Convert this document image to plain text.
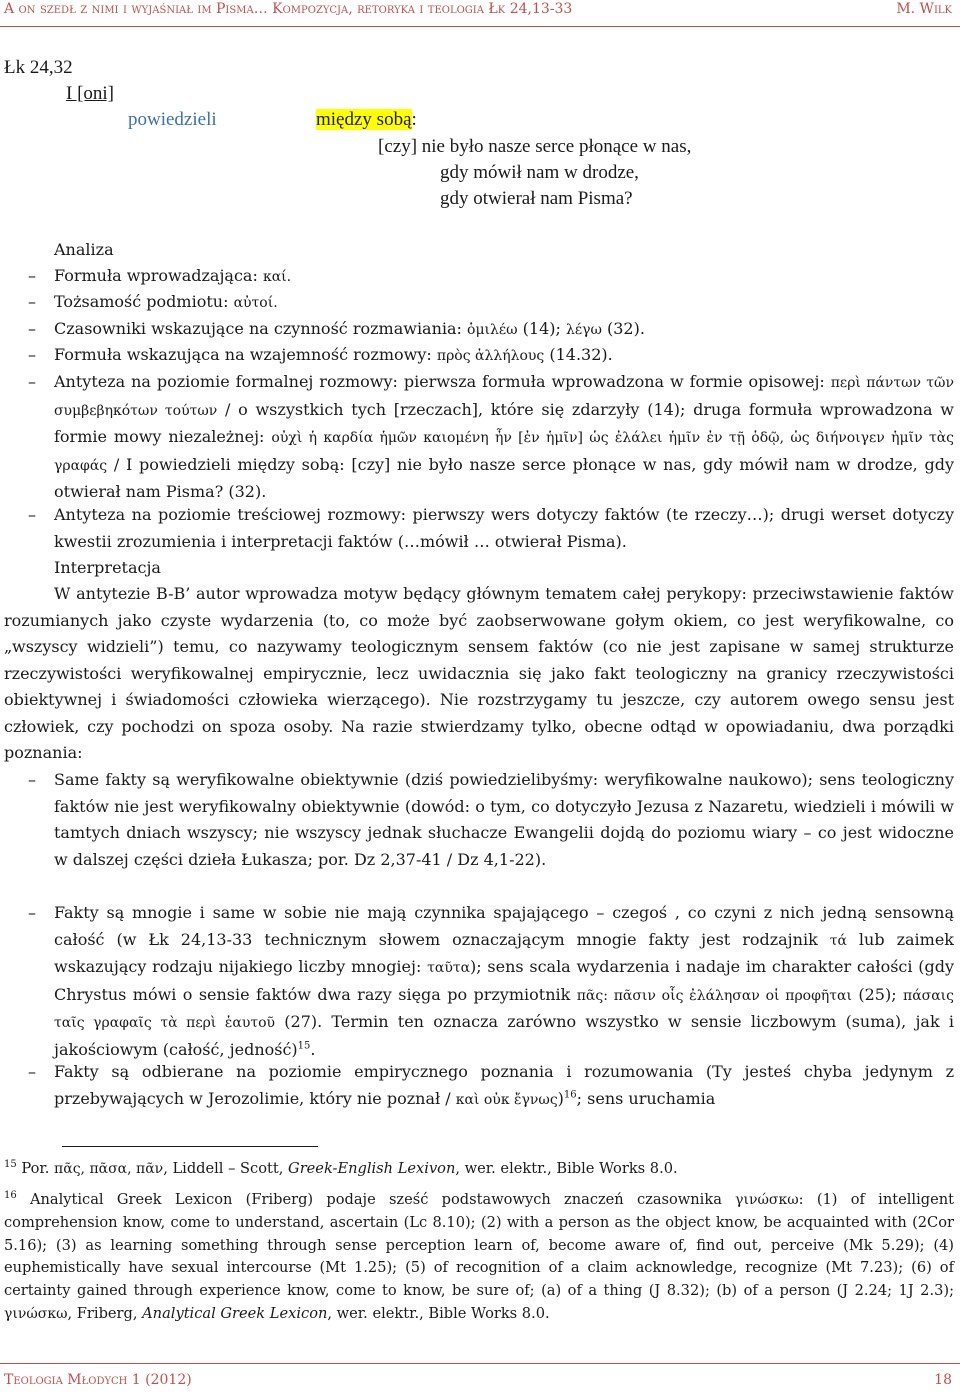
A on szedł z nimi i wyjaśniał im Pisma… Kompozycja, retoryka i teologia Łk 24,13-33	M. Wilk
Łk 24,32
I [oni]
powiedzieli	między sobą:
[czy] nie było nasze serce płonące w nas,
gdy mówił nam w drodze,
gdy otwierał nam Pisma?
Analiza
– Formuła wprowadzająca: καί.
– Tożsamość podmiotu: αὐτοί.
– Czasowniki wskazujące na czynność rozmawiania: ὁμιλέω (14); λέγω (32).
– Formuła wskazująca na wzajemność rozmowy: πρὸς ἀλλήλους (14.32).
– Antyteza na poziomie formalnej rozmowy: pierwsza formuła wprowadzona w formie opisowej: περὶ πάντων τῶν συμβεβηκότων τούτων / o wszystkich tych [rzeczach], które się zdarzyły (14); druga formuła wprowadzona w formie mowy niezależnej: οὐχὶ ἡ καρδία ἡμῶν καιομένη ἦν [ἐν ἡμῖν] ὡς ἐλάλει ἡμῖν ἐν τῇ ὁδῷ, ὡς διήνοιγεν ἡμῖν τὰς γραφάς / I powiedzieli między sobą: [czy] nie było nasze serce płonące w nas, gdy mówił nam w drodze, gdy otwierał nam Pisma? (32).
– Antyteza na poziomie treściowej rozmowy: pierwszy wers dotyczy faktów (te rzeczy…); drugi werset dotyczy kwestii zrozumienia i interpretacji faktów (…mówił … otwierał Pisma).
Interpretacja
W antytezie B-B’ autor wprowadza motyw będący głównym tematem całej perykopy: przeciwstawienie faktów rozumianych jako czyste wydarzenia (to, co może być zaobserwowane gołym okiem, co jest weryfikowalne, co „wszyscy widzieli”) temu, co nazywamy teologicznym sensem faktów (co nie jest zapisane w samej strukturze rzeczywistości weryfikowalnej empirycznie, lecz uwidacznia się jako fakt teologiczny na granicy rzeczywistości obiektywnej i świadomości człowieka wierzącego). Nie rozstrzygamy tu jeszcze, czy autorem owego sensu jest człowiek, czy pochodzi on spoza osoby. Na razie stwierdzamy tylko, obecne odtąd w opowiadaniu, dwa porządki poznania:
– Same fakty są weryfikowalne obiektywnie (dziś powiedzielibyśmy: weryfikowalne naukowo); sens teologiczny faktów nie jest weryfikowalny obiektywnie (dowód: o tym, co dotyczyło Jezusa z Nazaretu, wiedzieli i mówili w tamtych dniach wszyscy; nie wszyscy jednak słuchacze Ewangelii dojdą do poziomu wiary – co jest widoczne w dalszej części dzieła Łukasza; por. Dz 2,37-41 / Dz 4,1-22).
– Fakty są mnogie i same w sobie nie mają czynnika spajającego – czegoś , co czyni z nich jedną sensowną całość (w Łk 24,13-33 technicznym słowem oznaczającym mnogie fakty jest rodzajnik τά lub zaimek wskazujący rodzaju nijakiego liczby mnogiej: ταῦτα); sens scala wydarzenia i nadaje im charakter całości (gdy Chrystus mówi o sensie faktów dwa razy sięga po przymiotnik πᾶς: πᾶσιν οἷς ἐλάλησαν οἱ προφῆται (25); πάσαις ταῖς γραφαῖς τὰ περὶ ἑαυτοῦ (27). Termin ten oznacza zarówno wszystko w sensie liczbowym (suma), jak i jakościowym (całość, jedność)$^{15}$.
– Fakty są odbierane na poziomie empirycznego poznania i rozumowania (Ty jesteś chyba jedynym z przebywających w Jerozolimie, który nie poznał / καὶ οὐκ ἔγνως)$^{16}$; sens uruchamia
$^{15}$ Por. πᾶς, πᾶσα, πᾶν, Liddell – Scott, Greek-English Lexivon, wer. elektr., Bible Works 8.0.
$^{16}$ Analytical Greek Lexicon (Friberg) podaje sześć podstawowych znaczeń czasownika γινώσκω: (1) of intelligent comprehension know, come to understand, ascertain (Lc 8.10); (2) with a person as the object know, be acquainted with (2Cor 5.16); (3) as learning something through sense perception learn of, become aware of, find out, perceive (Mk 5.29); (4) euphemistically have sexual intercourse (Mt 1.25); (5) of recognition of a claim acknowledge, recognize (Mt 7.23); (6) of certainty gained through experience know, come to know, be sure of; (a) of a thing (J 8.32); (b) of a person (J 2.24; 1J 2.3); γινώσκω, Friberg, Analytical Greek Lexicon, wer. elektr., Bible Works 8.0.
Teologia Młodych 1 (2012)	18
